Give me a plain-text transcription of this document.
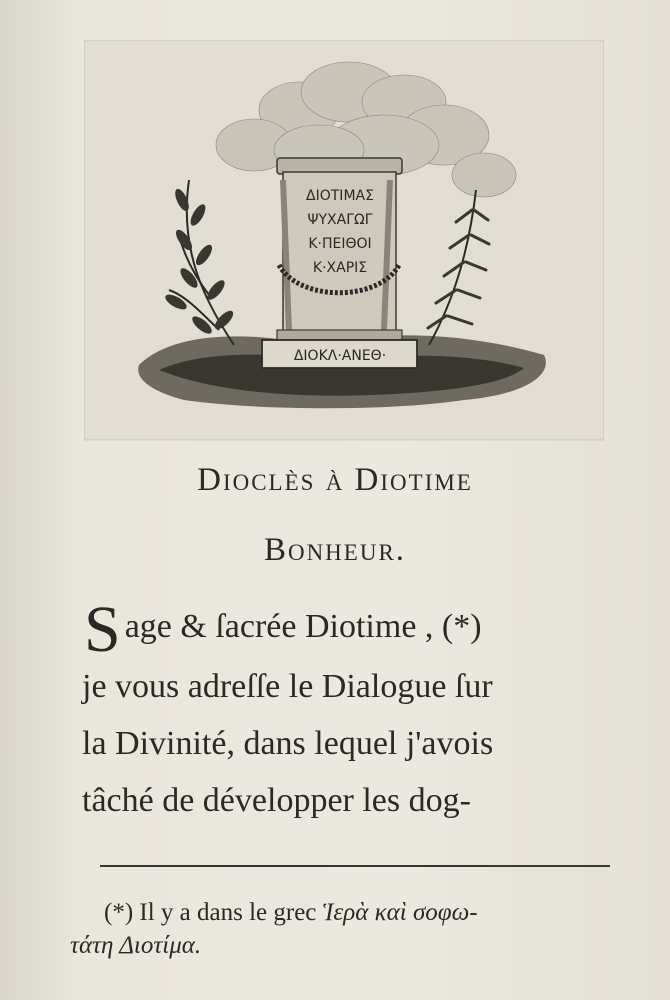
ΔΙΟΤΙΜΑΣ
ΨΥΧΑΓΩΓ
Κ·ΠΕΙΘΟΙ
Κ·ΧΑΡΙΣ
ΔΙΟΚΛ·ΑΝΕΘ·
Dioclès à Diotime
Bonheur.
S age & ſacrée Diotime , (*)
je vous adreſſe le Dialogue ſur
la Divinité, dans lequel j'avois
tâché de développer les dog-
(*) Il y a dans le grec Ἱερὰ καὶ σοφω-
τάτη Διοτίμα.
